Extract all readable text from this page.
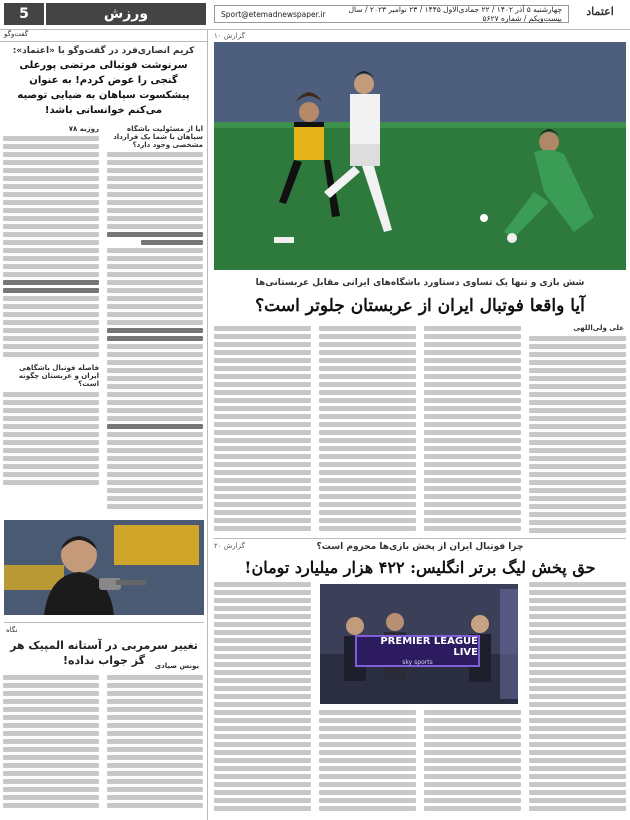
5	ورزش	چهارشنبه ۵ آذر ۱۴۰۲ / ۲۲ جمادی‌الاول ۱۴۴۵ / ۲۳ نوامبر ۲۰۲۳ / سال بیست‌ویکم / شماره ۵۶۲۷
Sport@etemadnewspaper.ir	اعتماد
گفت‌وگو
کریم انصاری‌فرد در گفت‌وگو با «اعتماد»:
سرنوشت فوتبالی مرتضی پورعلی گنجی را عوض کردم! به عنوان پیشکسوت سپاهان به ضیایی توصیه می‌کنم خوانسانی باشد!
آیا از مسئولیت باشگاه سپاهان با شما یک قرارداد مشخصی وجود دارد؟
روزبه ۷۸
فاصله فوتبال باشگاهی ایران و عربستان چگونه است؟
نگاه
تغییر سرمربی در آستانه المپیک هر گز جواب نداده!	یونس صیادی
گزارش ۱۰
شش بازی و تنها یک تساوی دستاورد باشگاه‌های ایرانی مقابل عربستانی‌ها
آیا واقعا فوتبال ایران از عربستان جلوتر است؟
علی ولی‌اللهی
گزارش ۲۰	چرا فوتبال ایران از پخش بازی‌ها محروم است؟
حق پخش لیگ برتر انگلیس: ۴۲۲ هزار میلیارد تومان!
PREMIER LEAGUE LIVE
sky sports
